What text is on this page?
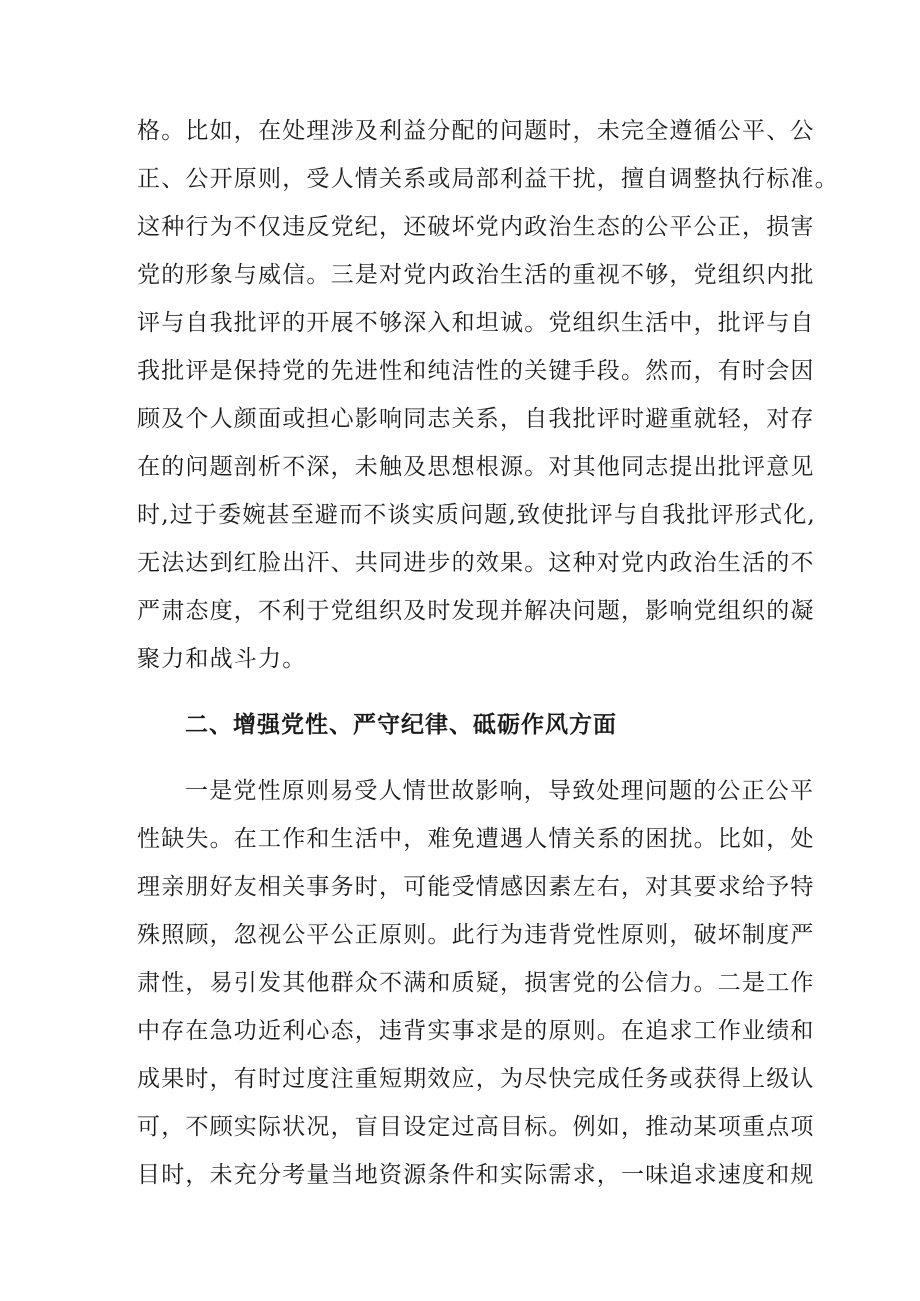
格。比如，在处理涉及利益分配的问题时，未完全遵循公平、公
正、公开原则，受人情关系或局部利益干扰，擅自调整执行标准。
这种行为不仅违反党纪，还破坏党内政治生态的公平公正，损害
党的形象与威信。三是对党内政治生活的重视不够，党组织内批
评与自我批评的开展不够深入和坦诚。党组织生活中，批评与自
我批评是保持党的先进性和纯洁性的关键手段。然而，有时会因
顾及个人颜面或担心影响同志关系，自我批评时避重就轻，对存
在的问题剖析不深，未触及思想根源。对其他同志提出批评意见
时,过于委婉甚至避而不谈实质问题,致使批评与自我批评形式化,
无法达到红脸出汗、共同进步的效果。这种对党内政治生活的不
严肃态度，不利于党组织及时发现并解决问题，影响党组织的凝
聚力和战斗力。
二、增强党性、严守纪律、砥砺作风方面
一是党性原则易受人情世故影响，导致处理问题的公正公平
性缺失。在工作和生活中，难免遭遇人情关系的困扰。比如，处
理亲朋好友相关事务时，可能受情感因素左右，对其要求给予特
殊照顾，忽视公平公正原则。此行为违背党性原则，破坏制度严
肃性，易引发其他群众不满和质疑，损害党的公信力。二是工作
中存在急功近利心态，违背实事求是的原则。在追求工作业绩和
成果时，有时过度注重短期效应，为尽快完成任务或获得上级认
可，不顾实际状况，盲目设定过高目标。例如，推动某项重点项
目时，未充分考量当地资源条件和实际需求，一味追求速度和规
